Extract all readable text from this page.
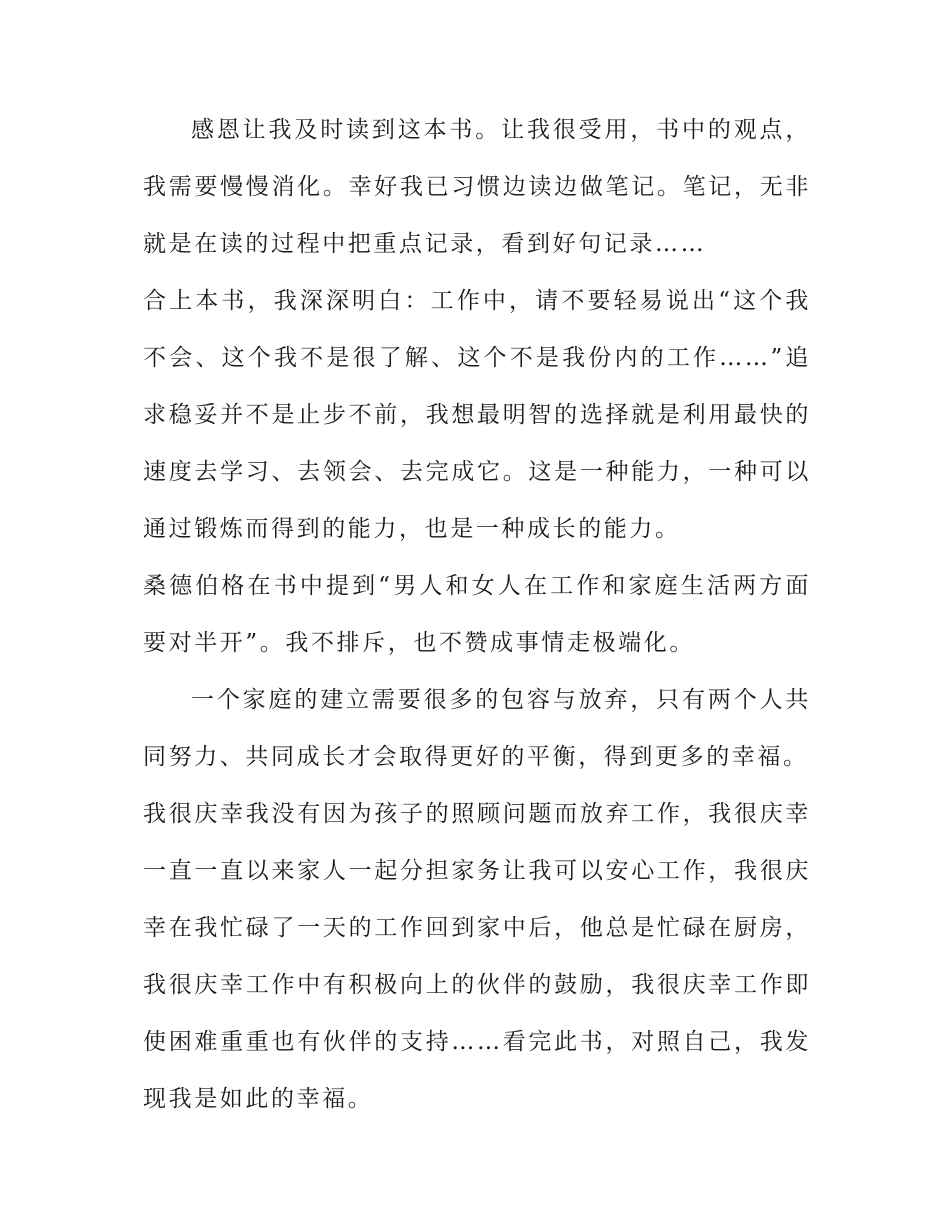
感恩让我及时读到这本书。让我很受用，书中的观点，我需要慢慢消化。幸好我已习惯边读边做笔记。笔记，无非就是在读的过程中把重点记录，看到好句记录……

合上本书，我深深明白：工作中，请不要轻易说出“这个我不会、这个我不是很了解、这个不是我份内的工作……”追求稳妥并不是止步不前，我想最明智的选择就是利用最快的速度去学习、去领会、去完成它。这是一种能力，一种可以通过锻炼而得到的能力，也是一种成长的能力。

桑德伯格在书中提到“男人和女人在工作和家庭生活两方面要对半开”。我不排斥，也不赞成事情走极端化。

一个家庭的建立需要很多的包容与放弃，只有两个人共同努力、共同成长才会取得更好的平衡，得到更多的幸福。

我很庆幸我没有因为孩子的照顾问题而放弃工作，我很庆幸一直一直以来家人一起分担家务让我可以安心工作，我很庆幸在我忙碌了一天的工作回到家中后，他总是忙碌在厨房，我很庆幸工作中有积极向上的伙伴的鼓励，我很庆幸工作即使困难重重也有伙伴的支持……看完此书，对照自己，我发现我是如此的幸福。
